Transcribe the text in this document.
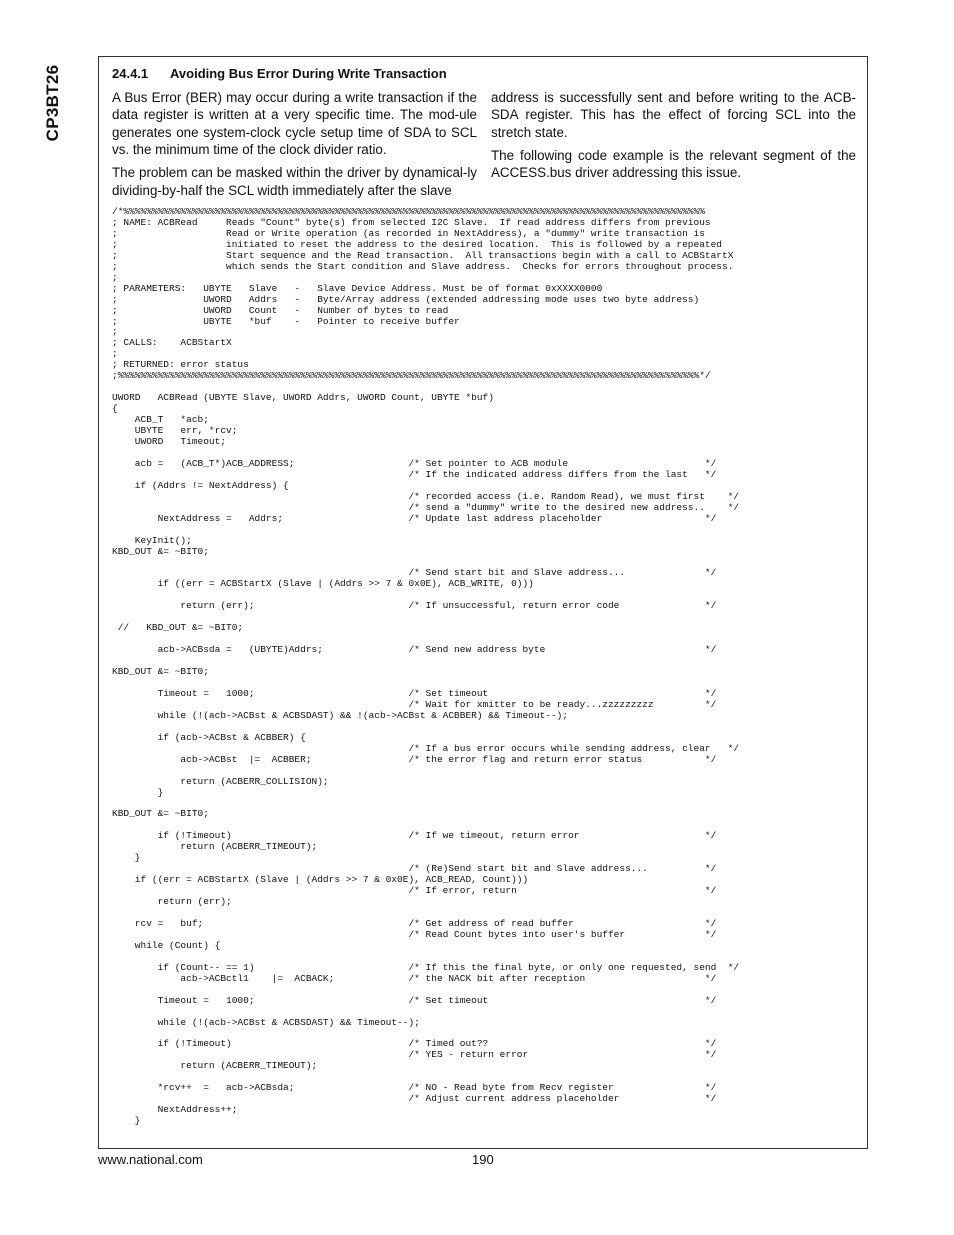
CP3BT26	24.4.1 Avoiding Bus Error During Write Transaction

A Bus Error (BER) may occur during a write transaction if the data register is written at a very specific time. The mod-ule generates one system-clock cycle setup time of SDA to SCL vs. the minimum time of the clock divider ratio.

The problem can be masked within the driver by dynamical-ly dividing-by-half the SCL width immediately after the slave

address is successfully sent and before writing to the ACB-SDA register. This has the effect of forcing SCL into the stretch state.

The following code example is the relevant segment of the ACCESS.bus driver addressing this issue.

/*%%%%%%%%%%%%%%%%%%%%%%%%%%%%%%%%%%%%%%%%%%%%%%%%%%%%%%%%%%%%%%%%%%%%%%%%%%%%%%%%%%%%%%%%%%%%%%%%%%%%%%
; NAME: ACBRead     Reads "Count" byte(s) from selected I2C Slave.  If read address differs from previous
;                   Read or Write operation (as recorded in NextAddress), a "dummy" write transaction is
;                   initiated to reset the address to the desired location.  This is followed by a repeated
;                   Start sequence and the Read transaction.  All transactions begin with a call to ACBStartX
;                   which sends the Start condition and Slave address.  Checks for errors throughout process.
;
; PARAMETERS:   UBYTE   Slave   -   Slave Device Address. Must be of format 0xXXXX0000
;               UWORD   Addrs   -   Byte/Array address (extended addressing mode uses two byte address)
;               UWORD   Count   -   Number of bytes to read
;               UBYTE   *buf    -   Pointer to receive buffer
;
; CALLS:    ACBStartX
;
; RETURNED: error status
;%%%%%%%%%%%%%%%%%%%%%%%%%%%%%%%%%%%%%%%%%%%%%%%%%%%%%%%%%%%%%%%%%%%%%%%%%%%%%%%%%%%%%%%%%%%%%%%%%%%%%%*/

UWORD   ACBRead (UBYTE Slave, UWORD Addrs, UWORD Count, UBYTE *buf)
{
ACB_T   *acb;
UBYTE   err, *rcv;
UWORD   Timeout;

acb =   (ACB_T*)ACB_ADDRESS;                    /* Set pointer to ACB module                        */
/* If the indicated address differs from the last   */
if (Addrs != NextAddress) {
/* recorded access (i.e. Random Read), we must first    */
/* send a "dummy" write to the desired new address..    */
NextAddress =   Addrs;                      /* Update last address placeholder                  */

KeyInit();
KBD_OUT &= ~BIT0;

/* Send start bit and Slave address...              */
if ((err = ACBStartX (Slave | (Addrs >> 7 & 0x0E), ACB_WRITE, 0)))

return (err);                           /* If unsuccessful, return error code               */

//   KBD_OUT &= ~BIT0;

acb->ACBsda =   (UBYTE)Addrs;               /* Send new address byte                            */

KBD_OUT &= ~BIT0;

Timeout =   1000;                           /* Set timeout                                      */
/* Wait for xmitter to be ready...zzzzzzzzz         */
while (!(acb->ACBst & ACBSDAST) && !(acb->ACBst & ACBBER) && Timeout--);

if (acb->ACBst & ACBBER) {
/* If a bus error occurs while sending address, clear   */
acb->ACBst  |=  ACBBER;                 /* the error flag and return error status           */

return (ACBERR_COLLISION);
}

KBD_OUT &= ~BIT0;

if (!Timeout)                               /* If we timeout, return error                      */
return (ACBERR_TIMEOUT);
}
/* (Re)Send start bit and Slave address...          */
if ((err = ACBStartX (Slave | (Addrs >> 7 & 0x0E), ACB_READ, Count)))
/* If error, return                                 */
return (err);

rcv =   buf;                                    /* Get address of read buffer                       */
/* Read Count bytes into user's buffer              */
while (Count) {

if (Count-- == 1)                           /* If this the final byte, or only one requested, send  */
acb->ACBctl1    |=  ACBACK;             /* the NACK bit after reception                     */

Timeout =   1000;                           /* Set timeout                                      */

while (!(acb->ACBst & ACBSDAST) && Timeout--);

if (!Timeout)                               /* Timed out??                                      */
/* YES - return error                               */
return (ACBERR_TIMEOUT);

*rcv++  =   acb->ACBsda;                    /* NO - Read byte from Recv register                */
/* Adjust current address placeholder               */
NextAddress++;
}
www.national.com	190
